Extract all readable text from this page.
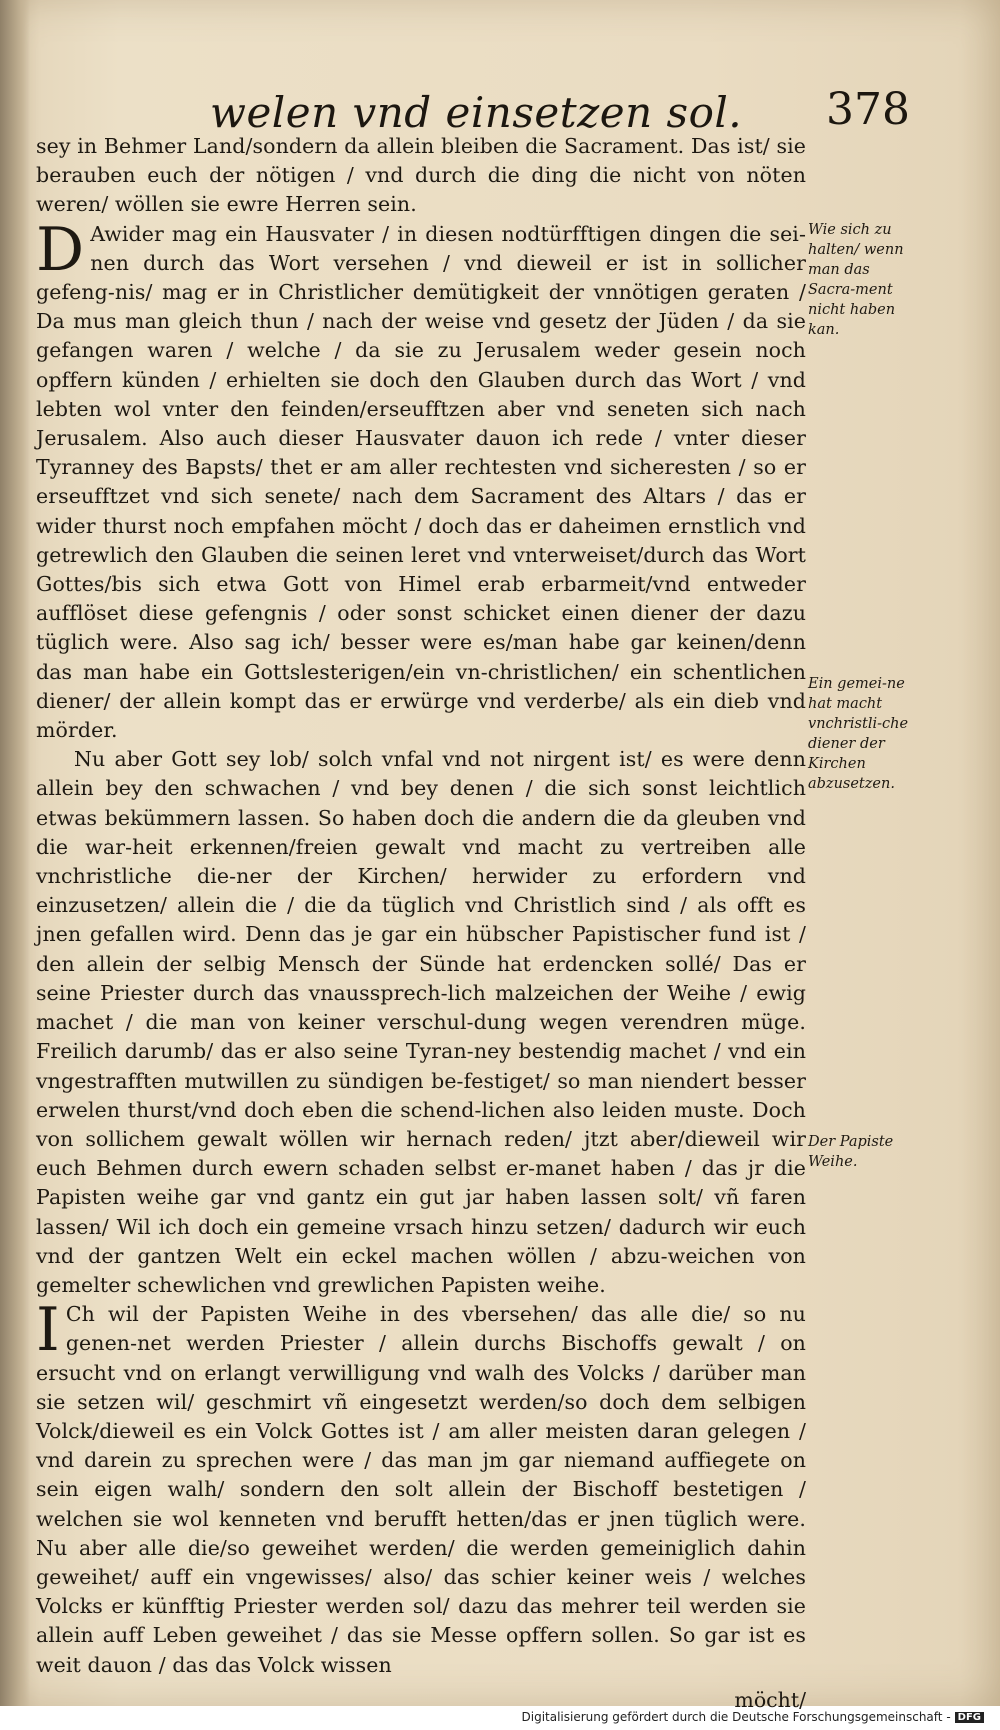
welen vnd einsetzen sol. 378

sey in Behmer Land/sondern da allein bleiben die Sacrament. Das ist/ sie berauben euch der nötigen / vnd durch die ding die nicht von nöten weren/ wöllen sie ewre Herren sein.

D Awider mag ein Hausvater / in diesen nodtürfftigen dingen die sei-nen durch das Wort versehen / vnd dieweil er ist in sollicher gefeng-nis/ mag er in Christlicher demütigkeit der vnnötigen geraten / Da mus man gleich thun / nach der weise vnd gesetz der Jüden / da sie gefangen waren / welche / da sie zu Jerusalem weder gesein noch opffern künden / erhielten sie doch den Glauben durch das Wort / vnd lebten wol vnter den feinden/erseufftzen aber vnd seneten sich nach Jerusalem. Also auch dieser Hausvater dauon ich rede / vnter dieser Tyranney des Bapsts/ thet er am aller rechtesten vnd sicheresten / so er erseufftzet vnd sich senete/ nach dem Sacrament des Altars / das er wider thurst noch empfahen möcht / doch das er daheimen ernstlich vnd getrewlich den Glauben die seinen leret vnd vnterweiset/durch das Wort Gottes/bis sich etwa Gott von Himel erab erbarmeit/vnd entweder aufflöset diese gefengnis / oder sonst schicket einen diener der dazu tüglich were. Also sag ich/ besser were es/man habe gar keinen/denn das man habe ein Gottslesterigen/ein vn-christlichen/ ein schentlichen diener/ der allein kompt das er erwürge vnd verderbe/ als ein dieb vnd mörder.

Nu aber Gott sey lob/ solch vnfal vnd not nirgent ist/ es were denn allein bey den schwachen / vnd bey denen / die sich sonst leichtlich etwas bekümmern lassen. So haben doch die andern die da gleuben vnd die war-heit erkennen/freien gewalt vnd macht zu vertreiben alle vnchristliche die-ner der Kirchen/ herwider zu erfordern vnd einzusetzen/ allein die / die da tüglich vnd Christlich sind / als offt es jnen gefallen wird. Denn das je gar ein hübscher Papistischer fund ist / den allein der selbig Mensch der Sünde hat erdencken sollé/ Das er seine Priester durch das vnaussprech-lich malzeichen der Weihe / ewig machet / die man von keiner verschul-dung wegen verendren müge. Freilich darumb/ das er also seine Tyran-ney bestendig machet / vnd ein vngestrafften mutwillen zu sündigen be-festiget/ so man niendert besser erwelen thurst/vnd doch eben die schend-lichen also leiden muste. Doch von sollichem gewalt wöllen wir hernach reden/ jtzt aber/dieweil wir euch Behmen durch ewern schaden selbst er-manet haben / das jr die Papisten weihe gar vnd gantz ein gut jar haben lassen solt/ vñ faren lassen/ Wil ich doch ein gemeine vrsach hinzu setzen/ dadurch wir euch vnd der gantzen Welt ein eckel machen wöllen / abzu-weichen von gemelter schewlichen vnd grewlichen Papisten weihe.

I Ch wil der Papisten Weihe in des vbersehen/ das alle die/ so nu genen-net werden Priester / allein durchs Bischoffs gewalt / on ersucht vnd on erlangt verwilligung vnd walh des Volcks / darüber man sie setzen wil/ geschmirt vñ eingesetzt werden/so doch dem selbigen Volck/dieweil es ein Volck Gottes ist / am aller meisten daran gelegen / vnd darein zu sprechen were / das man jm gar niemand auffiegete on sein eigen walh/ sondern den solt allein der Bischoff bestetigen / welchen sie wol kenneten vnd berufft hetten/das er jnen tüglich were. Nu aber alle die/so geweihet werden/ die werden gemeiniglich dahin geweihet/ auff ein vngewisses/ also/ das schier keiner weis / welches Volcks er künfftig Priester werden sol/ dazu das mehrer teil werden sie allein auff Leben geweihet / das sie Messe opffern sollen. So gar ist es weit dauon / das das Volck wissen

möcht/
Wie sich zu halten/ wenn man das Sacra-ment nicht haben kan.
Ein gemei-ne hat macht vnchristli-che diener der Kirchen abzusetzen.
Der Papiste Weihe.
Digitalisierung gefördert durch die Deutsche Forschungsgemeinschaft - DFG
